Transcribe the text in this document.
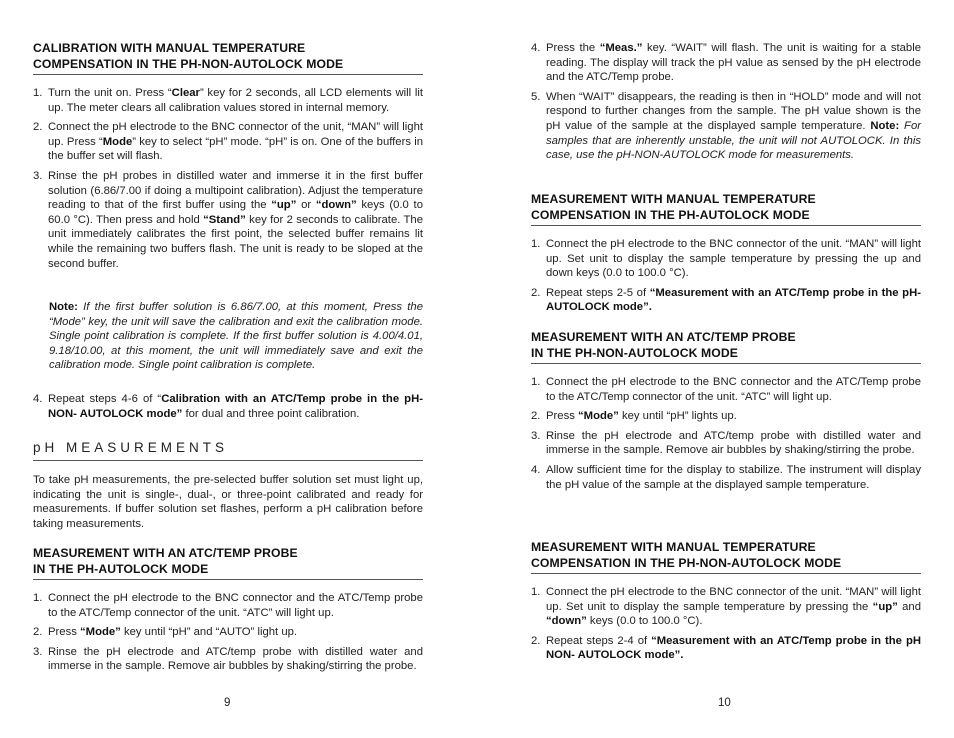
CALIBRATION WITH MANUAL TEMPERATURE
COMPENSATION IN THE PH-NON-AUTOLOCK MODE
1. Turn the unit on. Press “Clear” key for 2 seconds, all LCD elements will lit up. The meter clears all calibration values stored in internal memory.
2. Connect the pH electrode to the BNC connector of the unit, “MAN” will light up. Press “Mode” key to select “pH” mode. “pH” is on. One of the buffers in the buffer set will flash.
3. Rinse the pH probes in distilled water and immerse it in the first buffer solution (6.86/7.00 if doing a multipoint calibration). Adjust the temperature reading to that of the first buffer using the “up” or “down” keys (0.0 to 60.0 °C). Then press and hold “Stand” key for 2 seconds to calibrate. The unit immediately calibrates the first point, the selected buffer remains lit while the remaining two buffers flash. The unit is ready to be sloped at the second buffer.

Note: If the first buffer solution is 6.86/7.00, at this moment, Press the “Mode” key, the unit will save the calibration and exit the calibration mode. Single point calibration is complete. If the first buffer solution is 4.00/4.01, 9.18/10.00, at this moment, the unit will immediately save and exit the calibration mode. Single point calibration is complete.

4. Repeat steps 4-6 of “Calibration with an ATC/Temp probe in the pH-NON- AUTOLOCK mode” for dual and three point calibration.
pH MEASUREMENTS

To take pH measurements, the pre-selected buffer solution set must light up, indicating the unit is single-, dual-, or three-point calibrated and ready for measurements. If buffer solution set flashes, perform a pH calibration before taking measurements.

MEASUREMENT WITH AN ATC/TEMP PROBE
IN THE PH-AUTOLOCK MODE
1. Connect the pH electrode to the BNC connector and the ATC/Temp probe to the ATC/Temp connector of the unit. “ATC” will light up.
2. Press “Mode” key until “pH” and “AUTO” light up.
3. Rinse the pH electrode and ATC/temp probe with distilled water and immerse in the sample. Remove air bubbles by shaking/stirring the probe.
9
4. Press the “Meas.” key. “WAIT” will flash. The unit is waiting for a stable reading. The display will track the pH value as sensed by the pH electrode and the ATC/Temp probe.
5. When “WAIT” disappears, the reading is then in “HOLD” mode and will not respond to further changes from the sample. The pH value shown is the pH value of the sample at the displayed sample temperature. Note: For samples that are inherently unstable, the unit will not AUTOLOCK. In this case, use the pH-NON-AUTOLOCK mode for measurements.
MEASUREMENT WITH MANUAL TEMPERATURE
COMPENSATION IN THE PH-AUTOLOCK MODE
1. Connect the pH electrode to the BNC connector of the unit. “MAN” will light up. Set unit to display the sample temperature by pressing the up and down keys (0.0 to 100.0 °C).
2. Repeat steps 2-5 of “Measurement with an ATC/Temp probe in the pH- AUTOLOCK mode”.
MEASUREMENT WITH AN ATC/TEMP PROBE
IN THE PH-NON-AUTOLOCK MODE
1. Connect the pH electrode to the BNC connector and the ATC/Temp probe to the ATC/Temp connector of the unit. “ATC” will light up.
2. Press “Mode” key until “pH” lights up.
3. Rinse the pH electrode and ATC/temp probe with distilled water and immerse in the sample. Remove air bubbles by shaking/stirring the probe.
4. Allow sufficient time for the display to stabilize. The instrument will display the pH value of the sample at the displayed sample temperature.
MEASUREMENT WITH MANUAL TEMPERATURE
COMPENSATION IN THE PH-NON-AUTOLOCK MODE
1. Connect the pH electrode to the BNC connector of the unit. “MAN” will light up. Set unit to display the sample temperature by pressing the “up” and “down” keys (0.0 to 100.0 °C).
2. Repeat steps 2-4 of “Measurement with an ATC/Temp probe in the pH NON- AUTOLOCK mode”.
10
